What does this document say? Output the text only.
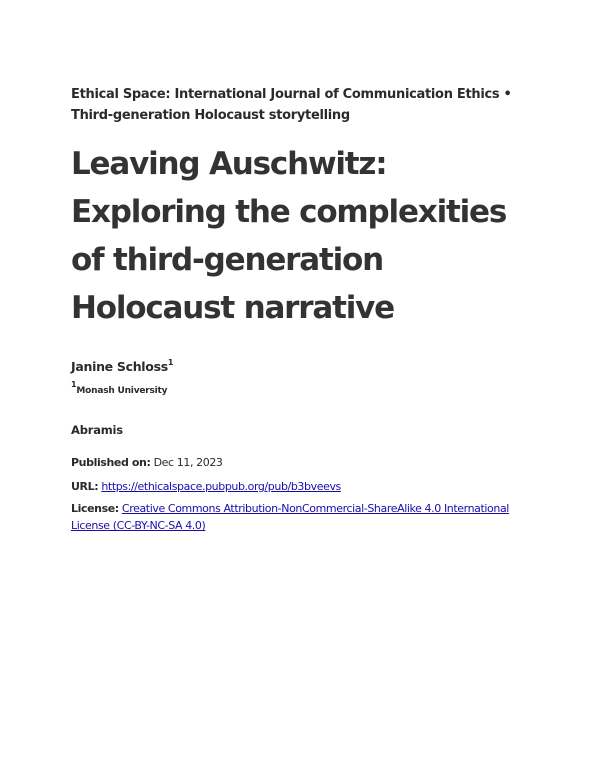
Ethical Space: International Journal of Communication Ethics • Third-generation Holocaust storytelling

Leaving Auschwitz: Exploring the complexities of third-generation Holocaust narrative
Janine Schloss$^1$
$^1$Monash University
Abramis
Published on: Dec 11, 2023
URL: https://ethicalspace.pubpub.org/pub/b3bveevs
License: Creative Commons Attribution-NonCommercial-ShareAlike 4.0 International License (CC-BY-NC-SA 4.0)
